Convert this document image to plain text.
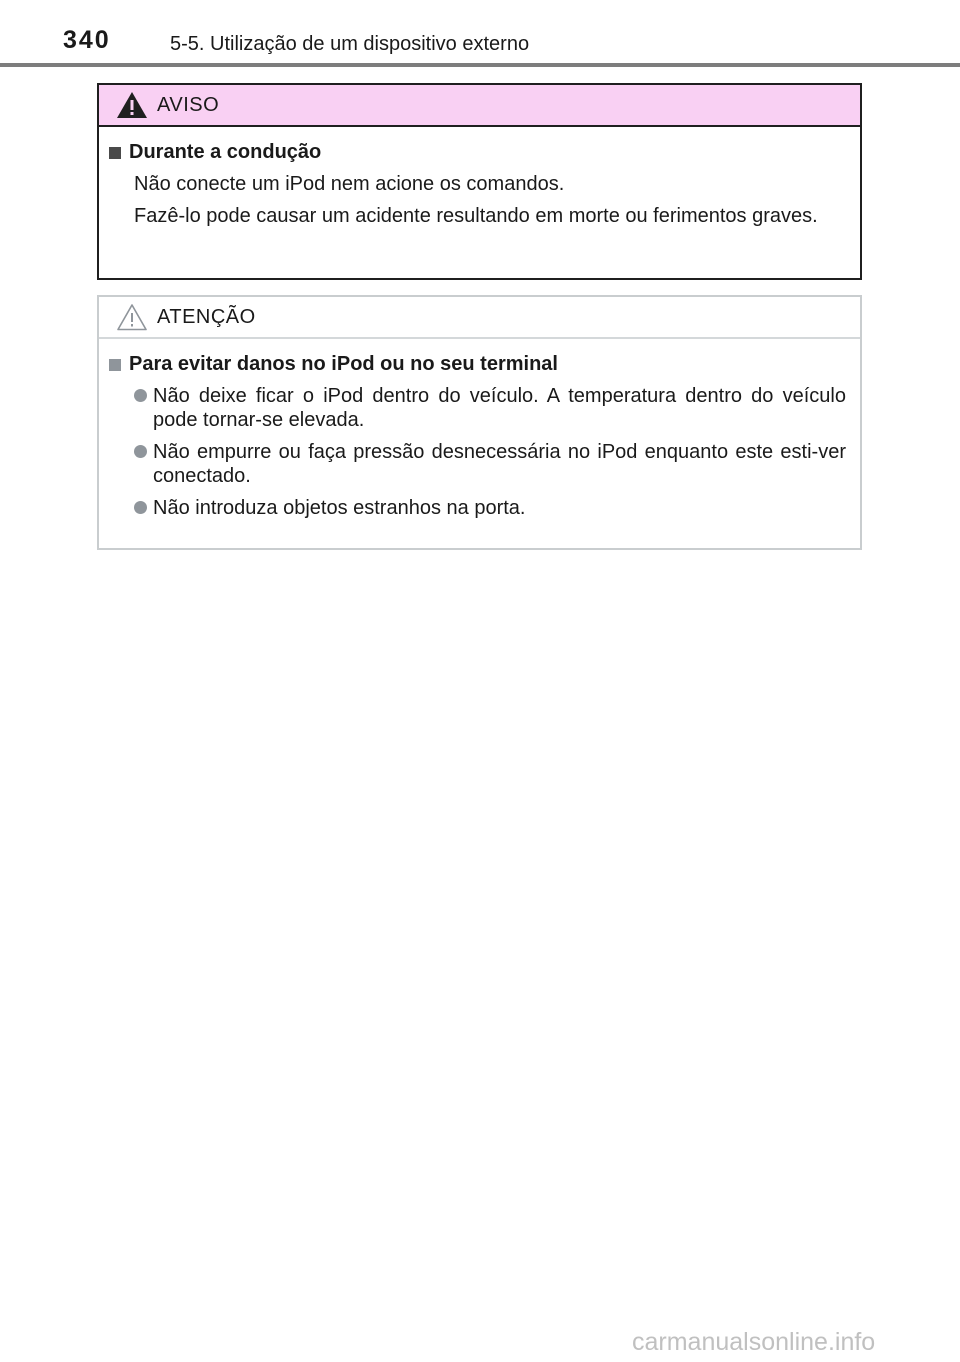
340	5-5. Utilização de um dispositivo externo
AVISO
Durante a condução
Não conecte um iPod nem acione os comandos.
Fazê-lo pode causar um acidente resultando em morte ou ferimentos graves.
ATENÇÃO
Para evitar danos no iPod ou no seu terminal
Não deixe ficar o iPod dentro do veículo. A temperatura dentro do veículo pode tornar-se elevada.
Não empurre ou faça pressão desnecessária no iPod enquanto este esti-ver conectado.
Não introduza objetos estranhos na porta.
carmanualsonline.info
